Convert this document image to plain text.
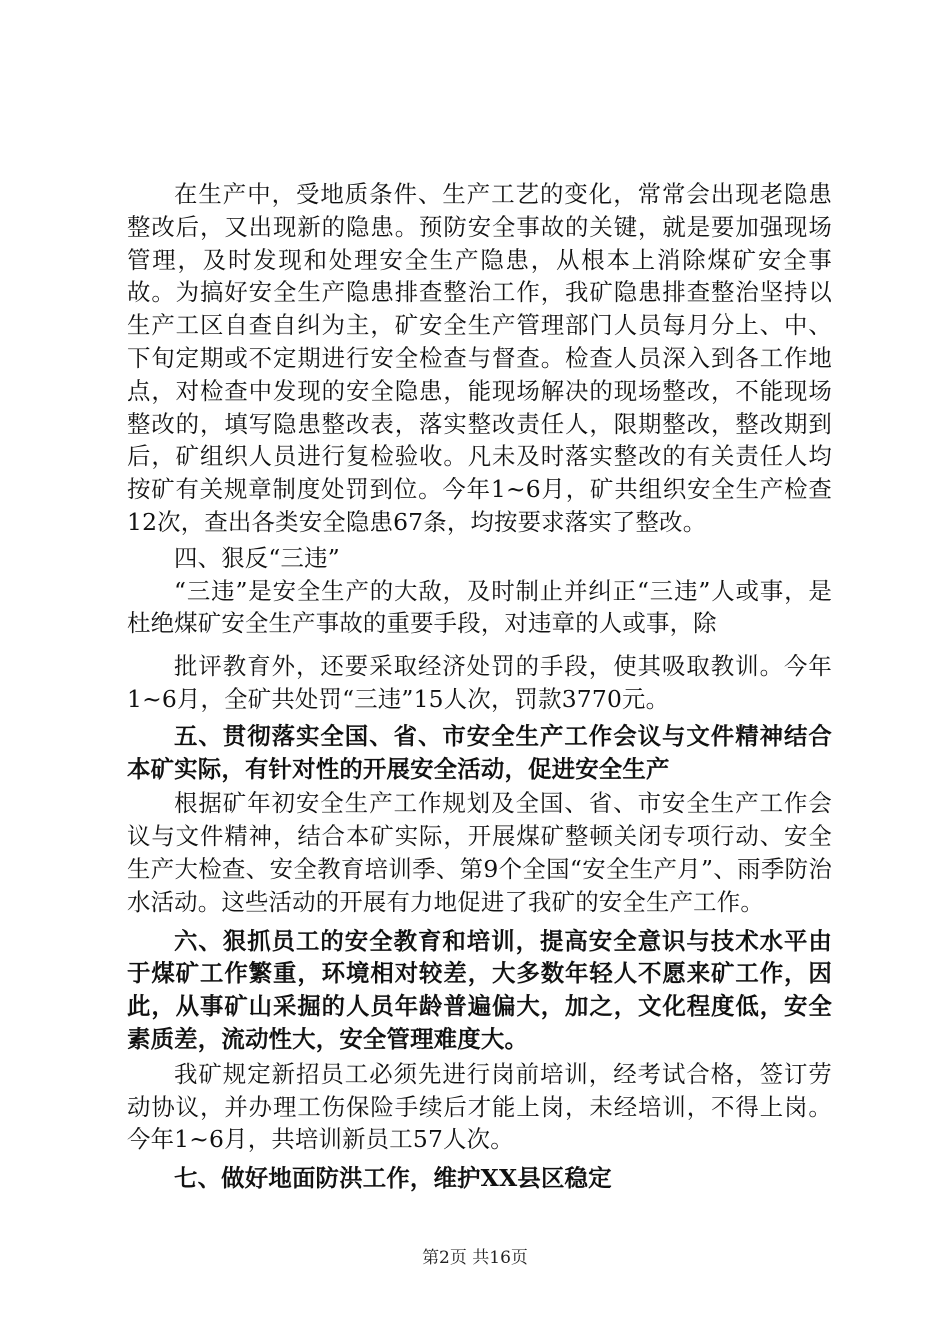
在生产中，受地质条件、生产工艺的变化，常常会出现老隐患整改后，又出现新的隐患。预防安全事故的关键，就是要加强现场管理，及时发现和处理安全生产隐患，从根本上消除煤矿安全事故。为搞好安全生产隐患排查整治工作，我矿隐患排查整治坚持以生产工区自查自纠为主，矿安全生产管理部门人员每月分上、中、下旬定期或不定期进行安全检查与督查。检查人员深入到各工作地点，对检查中发现的安全隐患，能现场解决的现场整改，不能现场整改的，填写隐患整改表，落实整改责任人，限期整改，整改期到后，矿组织人员进行复检验收。凡未及时落实整改的有关责任人均按矿有关规章制度处罚到位。今年1~6月，矿共组织安全生产检查12次，查出各类安全隐患67条，均按要求落实了整改。

四、狠反“三违”

“三违”是安全生产的大敌，及时制止并纠正“三违”人或事，是杜绝煤矿安全生产事故的重要手段，对违章的人或事，除

批评教育外，还要采取经济处罚的手段，使其吸取教训。今年1~6月，全矿共处罚“三违”15人次，罚款3770元。

五、贯彻落实全国、省、市安全生产工作会议与文件精神结合本矿实际，有针对性的开展安全活动，促进安全生产

根据矿年初安全生产工作规划及全国、省、市安全生产工作会议与文件精神，结合本矿实际，开展煤矿整顿关闭专项行动、安全生产大检查、安全教育培训季、第9个全国“安全生产月”、雨季防治水活动。这些活动的开展有力地促进了我矿的安全生产工作。

六、狠抓员工的安全教育和培训，提高安全意识与技术水平由于煤矿工作繁重，环境相对较差，大多数年轻人不愿来矿工作，因此，从事矿山采掘的人员年龄普遍偏大，加之，文化程度低，安全素质差，流动性大，安全管理难度大。

我矿规定新招员工必须先进行岗前培训，经考试合格，签订劳动协议，并办理工伤保险手续后才能上岗，未经培训，不得上岗。今年1~6月，共培训新员工57人次。

七、做好地面防洪工作，维护XX县区稳定

第2页 共16页
